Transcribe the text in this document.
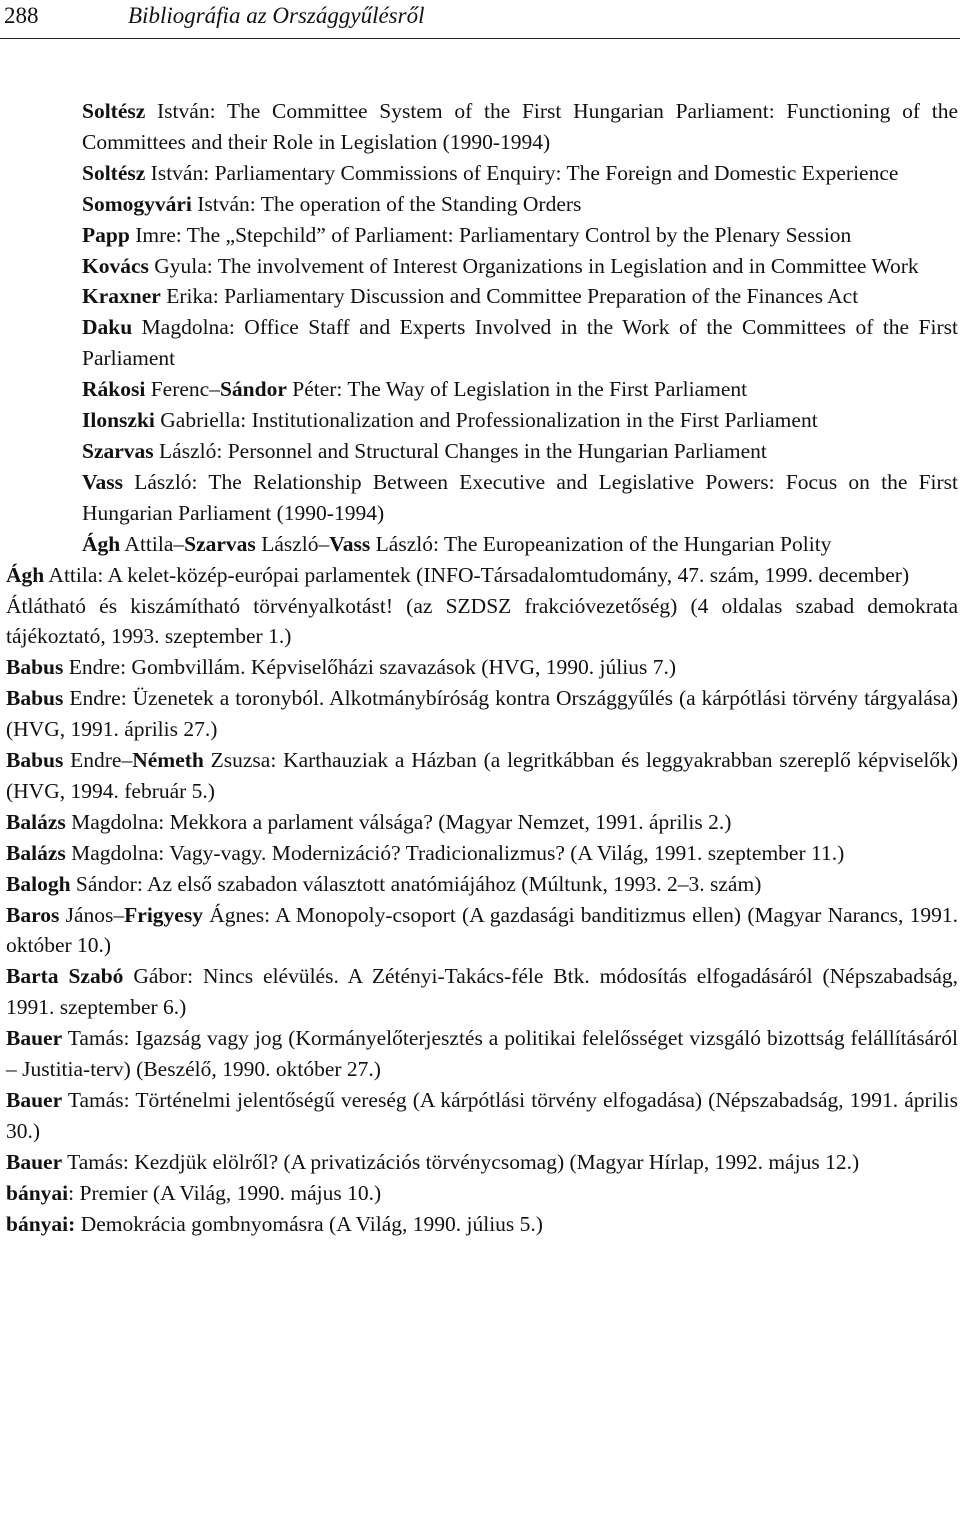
288	Bibliográfia az Országgyűlésről

Soltész István: The Committee System of the First Hungarian Parliament: Functioning of the Committees and their Role in Legislation (1990-1994)

Soltész István: Parliamentary Commissions of Enquiry: The Foreign and Domestic Experience

Somogyvári István: The operation of the Standing Orders

Papp Imre: The „Stepchild” of Parliament: Parliamentary Control by the Plenary Session

Kovács Gyula: The involvement of Interest Organizations in Legislation and in Committee Work

Kraxner Erika: Parliamentary Discussion and Committee Preparation of the Finances Act

Daku Magdolna: Office Staff and Experts Involved in the Work of the Committees of the First Parliament

Rákosi Ferenc–Sándor Péter: The Way of Legislation in the First Parliament

Ilonszki Gabriella: Institutionalization and Professionalization in the First Parliament

Szarvas László: Personnel and Structural Changes in the Hungarian Parliament

Vass László: The Relationship Between Executive and Legislative Powers: Focus on the First Hungarian Parliament (1990-1994)

Ágh Attila–Szarvas László–Vass László: The Europeanization of the Hungarian Polity

Ágh Attila: A kelet-közép-európai parlamentek (INFO-Társadalomtudomány, 47. szám, 1999. december)

Átlátható és kiszámítható törvényalkotást! (az SZDSZ frakcióvezetőség) (4 oldalas szabad demokrata tájékoztató, 1993. szeptember 1.)

Babus Endre: Gombvillám. Képviselőházi szavazások (HVG, 1990. július 7.)

Babus Endre: Üzenetek a toronyból. Alkotmánybíróság kontra Országgyűlés (a kárpótlási törvény tárgyalása) (HVG, 1991. április 27.)

Babus Endre–Németh Zsuzsa: Karthauziak a Házban (a legritkábban és leggyakrabban szereplő képviselők) (HVG, 1994. február 5.)

Balázs Magdolna: Mekkora a parlament válsága? (Magyar Nemzet, 1991. április 2.)

Balázs Magdolna: Vagy-vagy. Modernizáció? Tradicionalizmus? (A Világ, 1991. szeptember 11.)

Balogh Sándor: Az első szabadon választott anatómiájához (Múltunk, 1993. 2–3. szám)

Baros János–Frigyesy Ágnes: A Monopoly-csoport (A gazdasági banditizmus ellen) (Magyar Narancs, 1991. október 10.)

Barta Szabó Gábor: Nincs elévülés. A Zétényi-Takács-féle Btk. módosítás elfogadásáról (Népszabadság, 1991. szeptember 6.)

Bauer Tamás: Igazság vagy jog (Kormányelőterjesztés a politikai felelősséget vizsgáló bizottság felállításáról – Justitia-terv) (Beszélő, 1990. október 27.)

Bauer Tamás: Történelmi jelentőségű vereség (A kárpótlási törvény elfogadása) (Népszabadság, 1991. április 30.)

Bauer Tamás: Kezdjük elölről? (A privatizációs törvénycsomag) (Magyar Hírlap, 1992. május 12.)

bányai: Premier (A Világ, 1990. május 10.)

bányai: Demokrácia gombnyomásra (A Világ, 1990. július 5.)
